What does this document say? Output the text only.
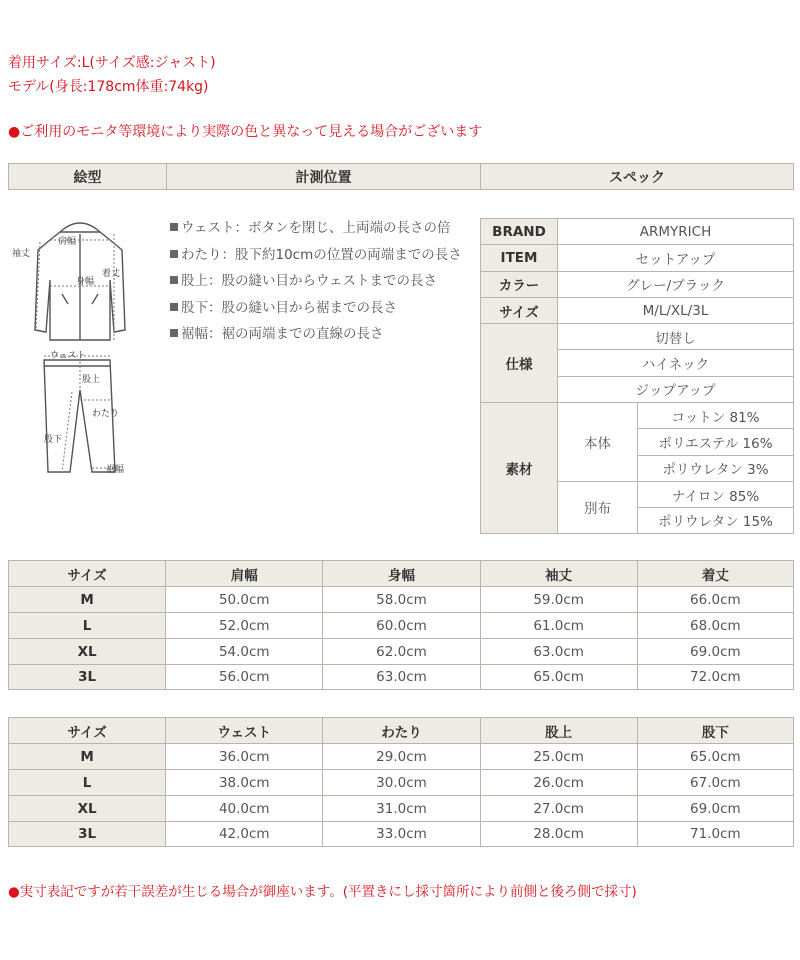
着用サイズ:L(サイズ感:ジャスト)
モデル(身長:178cm体重:74kg)
●ご利用のモニタ等環境により実際の色と異なって見える場合がございます
絵型	計測位置	スペック
袖丈
肩幅
身幅
着丈
ウェスト
股上
わたり
股下
裾幅
ウェスト：ボタンを閉じ、上両端の長さの倍
わたり：股下約10cmの位置の両端までの長さ
股上：股の縫い目からウェストまでの長さ
股下：股の縫い目から裾までの長さ
裾幅：裾の両端までの直線の長さ
BRAND	ARMYRICH	
ITEM	セットアップ	
カラー	グレー/ブラック	
サイズ	M/L/XL/3L	
仕様	切替し	
	ハイネック	
	ジップアップ	
素材	本体	コットン 81%
		ポリエステル 16%
		ポリウレタン 3%
	別布	ナイロン 85%
		ポリウレタン 15%
サイズ	肩幅	身幅	袖丈	着丈
M	50.0cm	58.0cm	59.0cm	66.0cm
L	52.0cm	60.0cm	61.0cm	68.0cm
XL	54.0cm	62.0cm	63.0cm	69.0cm
3L	56.0cm	63.0cm	65.0cm	72.0cm
サイズ	ウェスト	わたり	股上	股下
M	36.0cm	29.0cm	25.0cm	65.0cm
L	38.0cm	30.0cm	26.0cm	67.0cm
XL	40.0cm	31.0cm	27.0cm	69.0cm
3L	42.0cm	33.0cm	28.0cm	71.0cm
●実寸表記ですが若干誤差が生じる場合が御座います。(平置きにし採寸箇所により前側と後ろ側で採寸)
